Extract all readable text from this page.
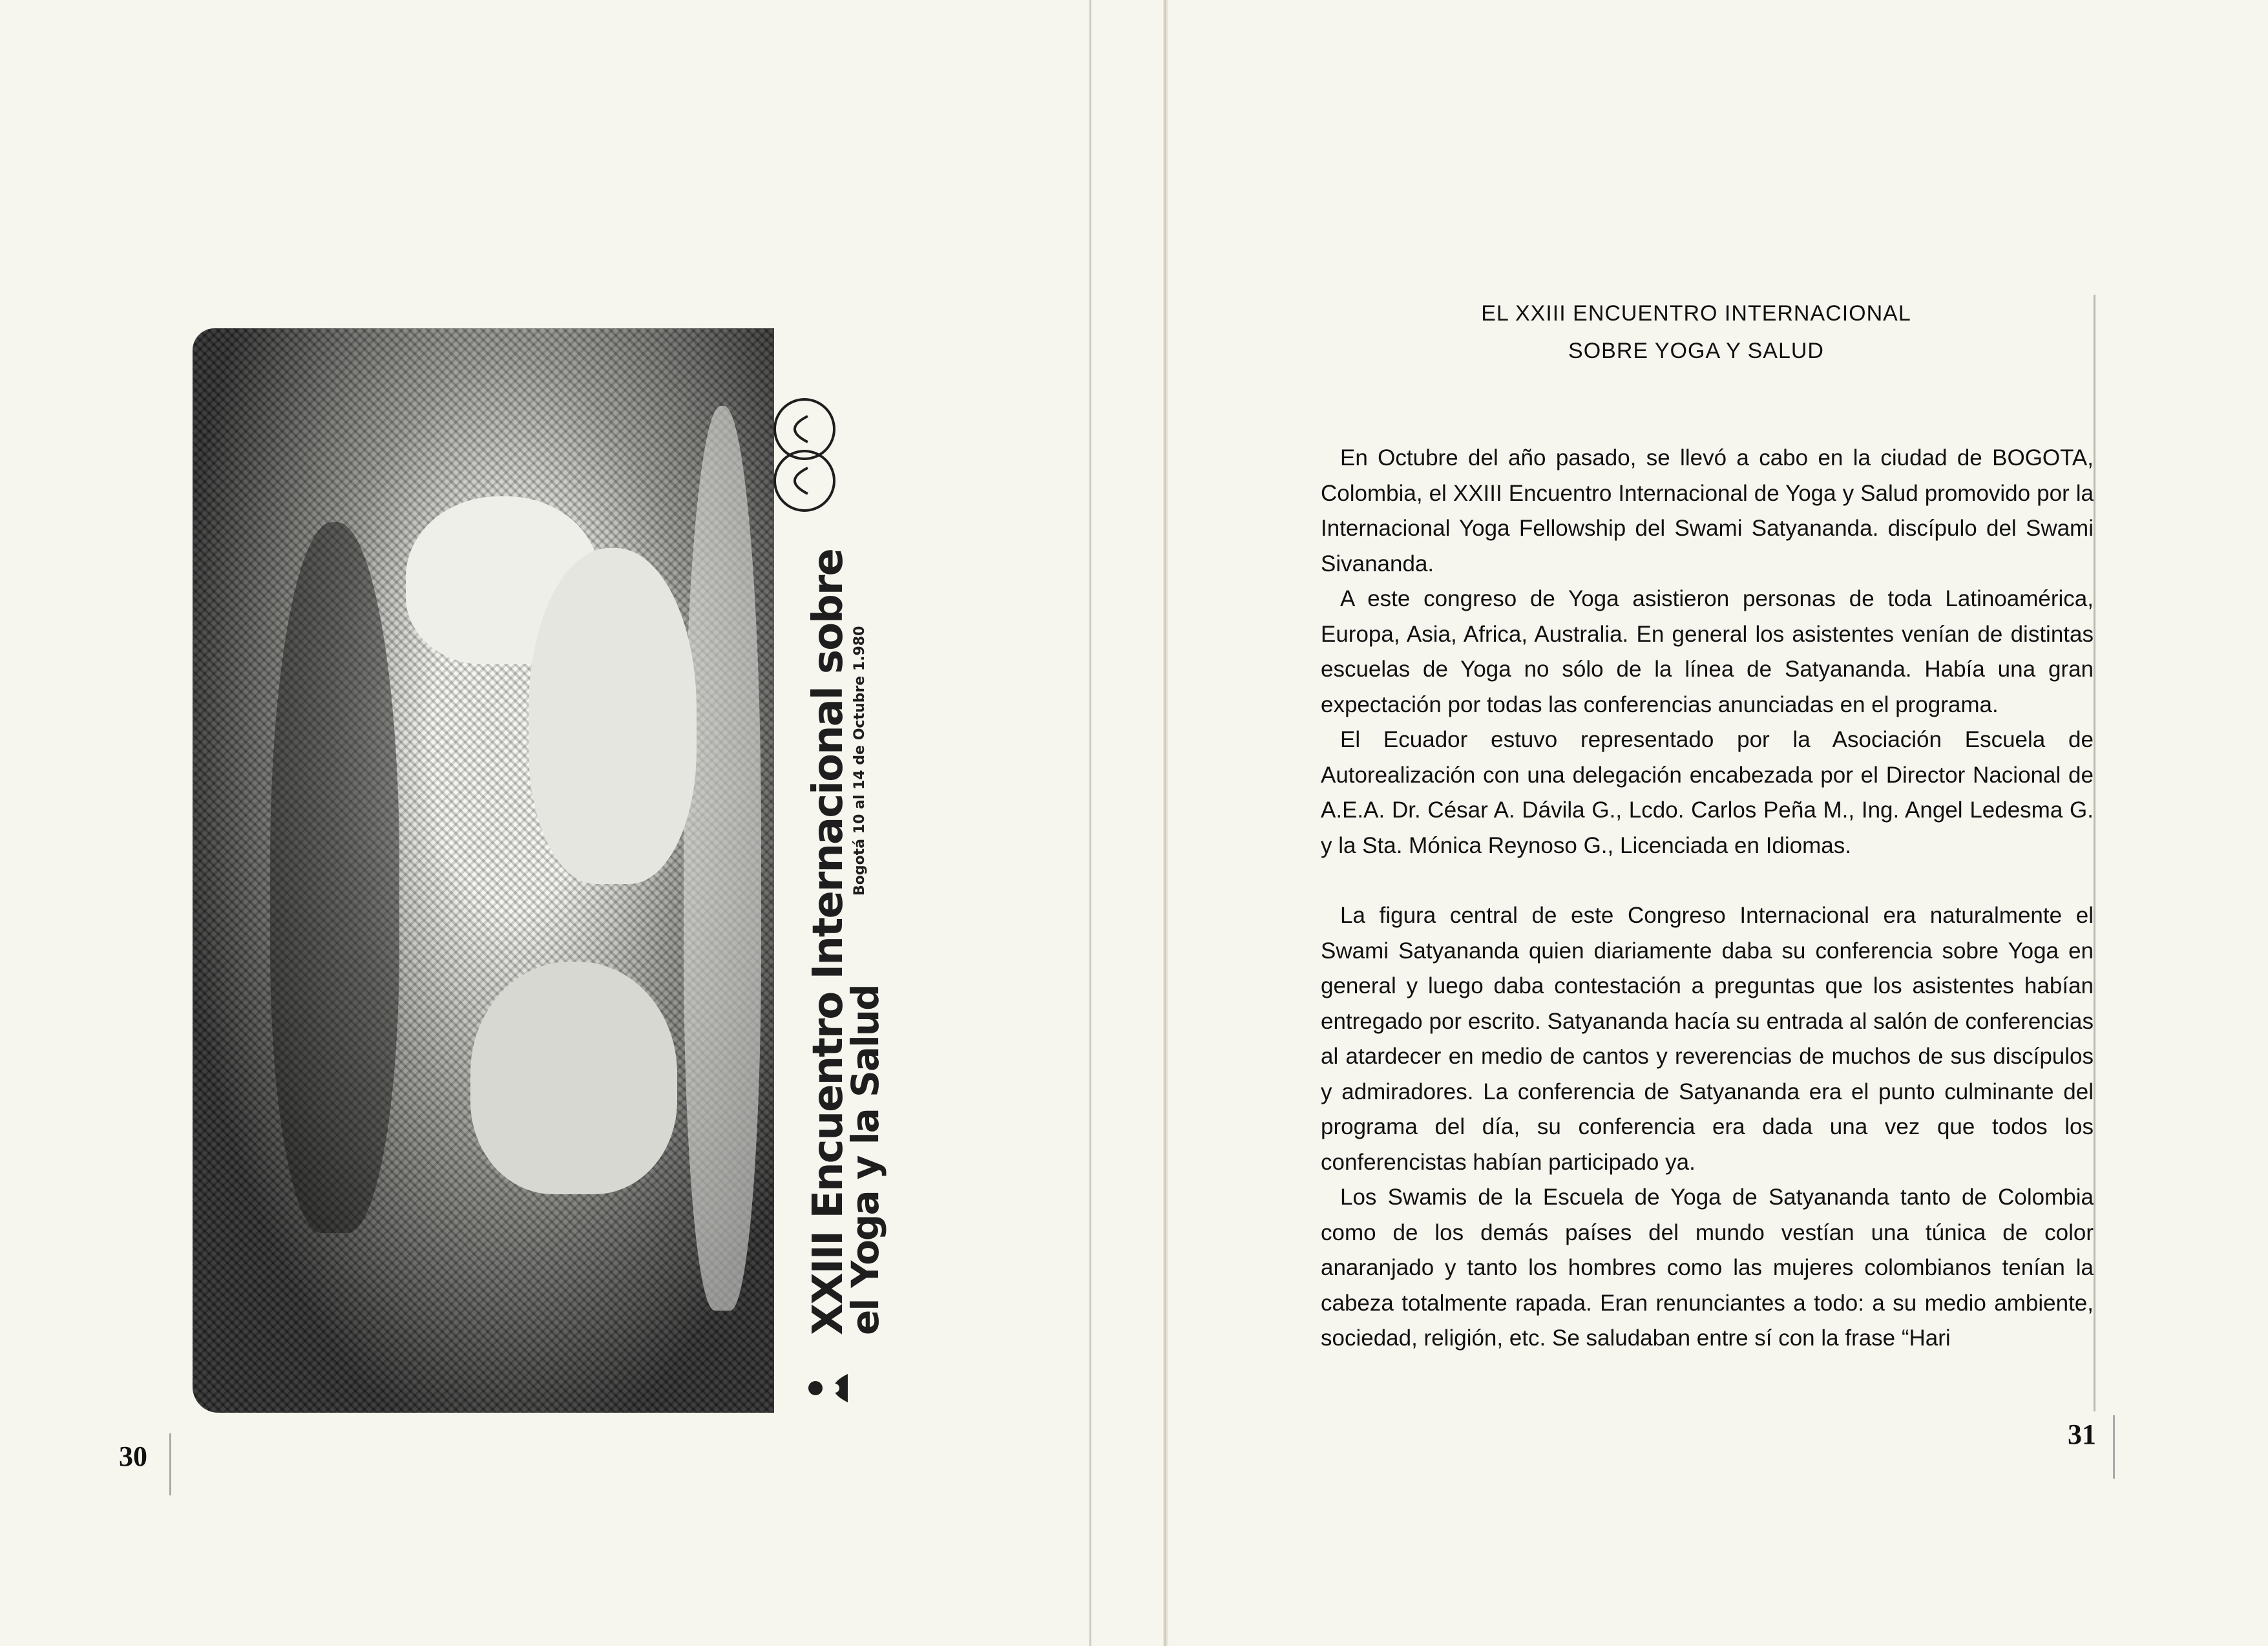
XXIII Encuentro Internacional sobre
el Yoga y la Salud
Bogotá 10 al 14 de Octubre 1.980
30
EL XXIII ENCUENTRO INTERNACIONAL
SOBRE YOGA Y SALUD
En Octubre del año pasado, se llevó a cabo en la ciudad de BOGOTA, Colombia, el XXIII Encuentro Internacional de Yoga y Salud promovido por la Internacional Yoga Fellowship del Swami Satyananda. discípulo del Swami Sivananda.
A este congreso de Yoga asistieron personas de toda Latinoamérica, Europa, Asia, Africa, Australia. En general los asistentes venían de distintas escuelas de Yoga no sólo de la línea de Satyananda. Había una gran expectación por todas las conferencias anunciadas en el programa.
El Ecuador estuvo representado por la Asociación Escuela de Autorealización con una delegación encabezada por el Director Nacional de A.E.A. Dr. César A. Dávila G., Lcdo. Carlos Peña M., Ing. Angel Ledesma G. y la Sta. Mónica Reynoso G., Licenciada en Idiomas.
La figura central de este Congreso Internacional era naturalmente el Swami Satyananda quien diariamente daba su conferencia sobre Yoga en general y luego daba contestación a preguntas que los asistentes habían entregado por escrito. Satyananda hacía su entrada al salón de conferencias al atardecer en medio de cantos y reverencias de muchos de sus discípulos y admiradores. La conferencia de Satyananda era el punto culminante del programa del día, su conferencia era dada una vez que todos los conferencistas habían participado ya.
Los Swamis de la Escuela de Yoga de Satyananda tanto de Colombia como de los demás países del mundo vestían una túnica de color anaranjado y tanto los hombres como las mujeres colombianos tenían la cabeza totalmente rapada. Eran renunciantes a todo: a su medio ambiente, sociedad, religión, etc. Se saludaban entre sí con la frase “Hari
31
